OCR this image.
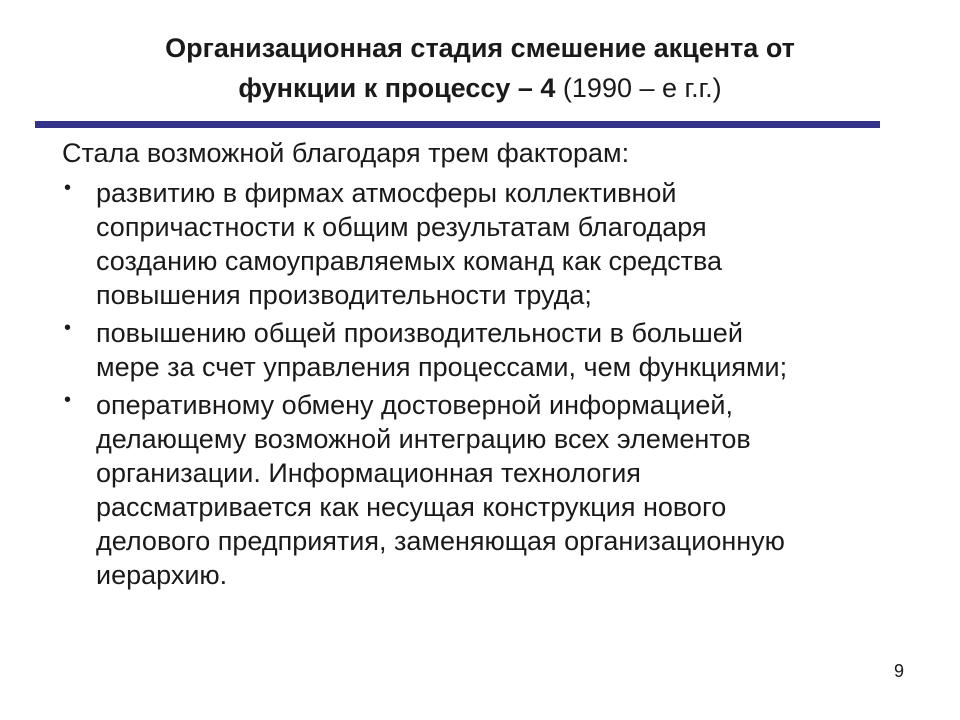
Организационная стадия смешение акцента от
функции к процессу – 4 (1990 – е г.г.)

Стала возможной благодаря трем факторам:

• развитию в фирмах атмосферы коллективной
сопричастности к общим результатам благодаря
созданию самоуправляемых команд как средства
повышения производительности труда;
• повышению общей производительности в большей
мере за счет управления процессами, чем функциями;
• оперативному обмену достоверной информацией,
делающему возможной интеграцию всех элементов
организации. Информационная технология
рассматривается как несущая конструкция нового
делового предприятия, заменяющая организационную
иерархию.
9
